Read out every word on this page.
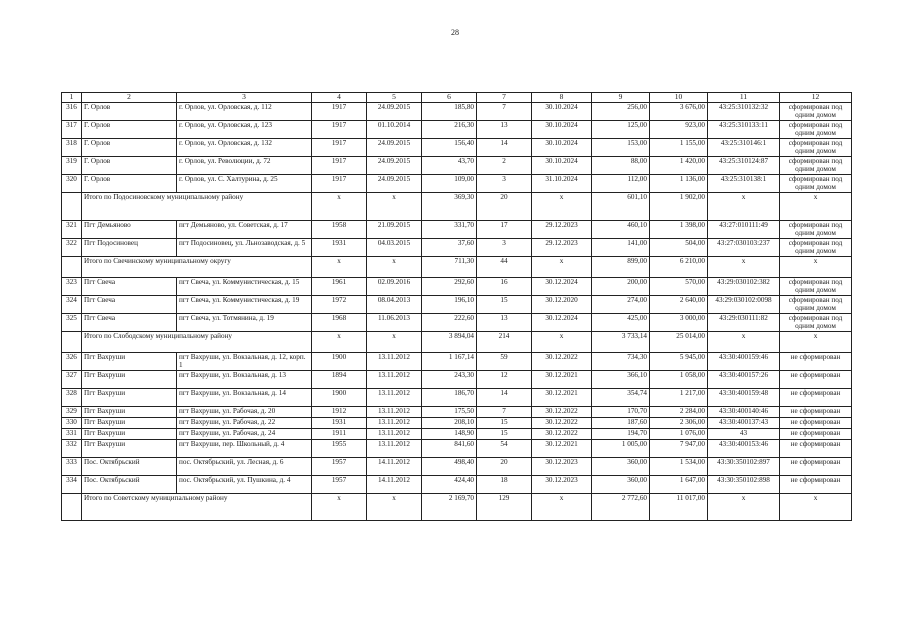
28
1	2	3	4	5	6	7	8	9	10	11	12
316	Г. Орлов	г. Орлов, ул. Орловская, д. 112	1917	24.09.2015	185,80	7	30.10.2024	256,00	3 676,00	43:25:310132:32	сформирован под одним домом
317	Г. Орлов	г. Орлов, ул. Орловская, д. 123	1917	01.10.2014	216,30	13	30.10.2024	125,00	923,00	43:25:310133:11	сформирован под одним домом
318	Г. Орлов	г. Орлов, ул. Орловская, д. 132	1917	24.09.2015	156,40	14	30.10.2024	153,00	1 155,00	43:25:310146:1	сформирован под одним домом
319	Г. Орлов	г. Орлов, ул. Революции, д. 72	1917	24.09.2015	43,70	2	30.10.2024	88,00	1 420,00	43:25:310124:87	сформирован под одним домом
320	Г. Орлов	г. Орлов, ул. С. Халтурина, д. 25	1917	24.09.2015	109,00	3	31.10.2024	112,00	1 136,00	43:25:310138:1	сформирован под одним домом
	Итого по Подосиновскому муниципальному району		х	х	369,30	20	х	601,10	1 902,00	х	х
321	Пгт Демьяново	пгт Демьяново, ул. Советская, д. 17	1958	21.09.2015	331,70	17	29.12.2023	460,10	1 398,00	43:27:010111:49	сформирован под одним домом
322	Пгт Подосиновец	пгт Подосиновец, ул. Льнозаводская, д. 5	1931	04.03.2015	37,60	3	29.12.2023	141,00	504,00	43:27:030103:237	сформирован под одним домом
	Итого по Свечинскому муниципальному округу		х	х	711,30	44	х	899,00	6 210,00	х	х
323	Пгт Свеча	пгт Свеча, ул. Коммунистическая, д. 15	1961	02.09.2016	292,60	16	30.12.2024	200,00	570,00	43:29:030102:382	сформирован под одним домом
324	Пгт Свеча	пгт Свеча, ул. Коммунистическая, д. 19	1972	08.04.2013	196,10	15	30.12.2020	274,00	2 640,00	43:29:030102:0098	сформирован под одним домом
325	Пгт Свеча	пгт Свеча, ул. Тотмянина, д. 19	1968	11.06.2013	222,60	13	30.12.2024	425,00	3 000,00	43:29:030111:82	сформирован под одним домом
	Итого по Слободскому муниципальному району		х	х	3 894,04	214	х	3 733,14	25 014,00	х	х
326	Пгт Вахруши	пгт Вахруши, ул. Вокзальная, д. 12, корп. 1	1900	13.11.2012	1 167,14	59	30.12.2022	734,30	5 945,00	43:30:400159:46	не сформирован
327	Пгт Вахруши	пгт Вахруши, ул. Вокзальная, д. 13	1894	13.11.2012	243,30	12	30.12.2021	366,10	1 058,00	43:30:400157:26	не сформирован
328	Пгт Вахруши	пгт Вахруши, ул. Вокзальная, д. 14	1900	13.11.2012	186,70	14	30.12.2021	354,74	1 217,00	43:30:400159:48	не сформирован
329	Пгт Вахруши	пгт Вахруши, ул. Рабочая, д. 20	1912	13.11.2012	175,50	7	30.12.2022	170,70	2 284,00	43:30:400140:46	не сформирован
330	Пгт Вахруши	пгт Вахруши, ул. Рабочая, д. 22	1931	13.11.2012	208,10	15	30.12.2022	187,60	2 306,00	43:30:400137:43	не сформирован
331	Пгт Вахруши	пгт Вахруши, ул. Рабочая, д. 24	1911	13.11.2012	148,90	15	30.12.2022	194,70	1 076,00	43	не сформирован
332	Пгт Вахруши	пгт Вахруши, пер. Школьный, д. 4	1955	13.11.2012	841,60	54	30.12.2021	1 005,00	7 947,00	43:30:400153:46	не сформирован
333	Пос. Октябрьский	пос. Октябрьский, ул. Лесная, д. 6	1957	14.11.2012	498,40	20	30.12.2023	360,00	1 534,00	43:30:350102:897	не сформирован
334	Пос. Октябрьский	пос. Октябрьский, ул. Пушкина, д. 4	1957	14.11.2012	424,40	18	30.12.2023	360,00	1 647,00	43:30:350102:898	не сформирован
	Итого по Советскому муниципальному району		х	х	2 169,70	129	х	2 772,60	11 017,00	х	х
